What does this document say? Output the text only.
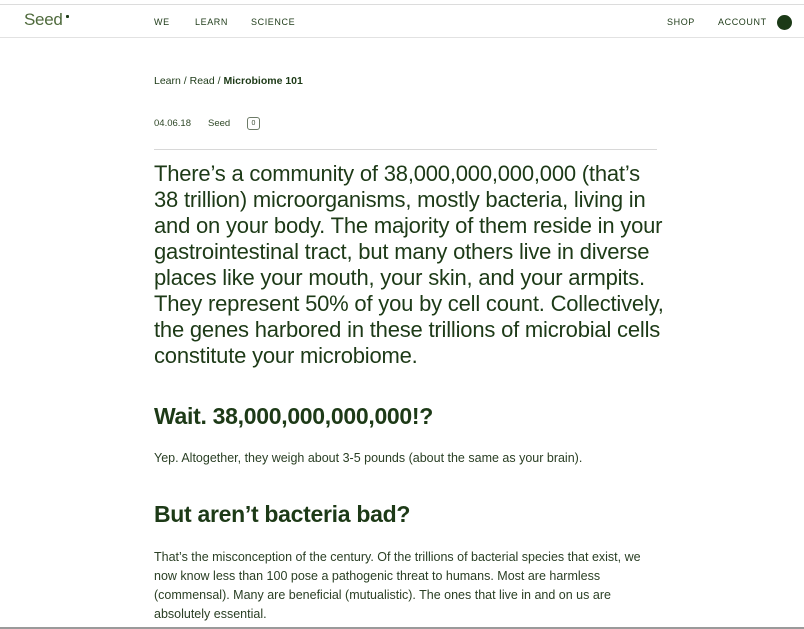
Seed	WE	LEARN	SCIENCE	SHOP	ACCOUNT
Learn / Read / Microbiome 101
04.06.18 Seed	0

There’s a community of 38,000,000,000,000 (that’s 38 trillion) microorganisms, mostly bacteria, living in and on your body. The majority of them reside in your gastrointestinal tract, but many others live in diverse places like your mouth, your skin, and your armpits. They represent 50% of you by cell count. Collectively, the genes harbored in these trillions of microbial cells constitute your microbiome.

Wait. 38,000,000,000,000!?

Yep. Altogether, they weigh about 3-5 pounds (about the same as your brain).

But aren’t bacteria bad?

That’s the misconception of the century. Of the trillions of bacterial species that exist, we now know less than 100 pose a pathogenic threat to humans. Most are harmless (commensal). Many are beneficial (mutualistic). The ones that live in and on us are absolutely essential.
